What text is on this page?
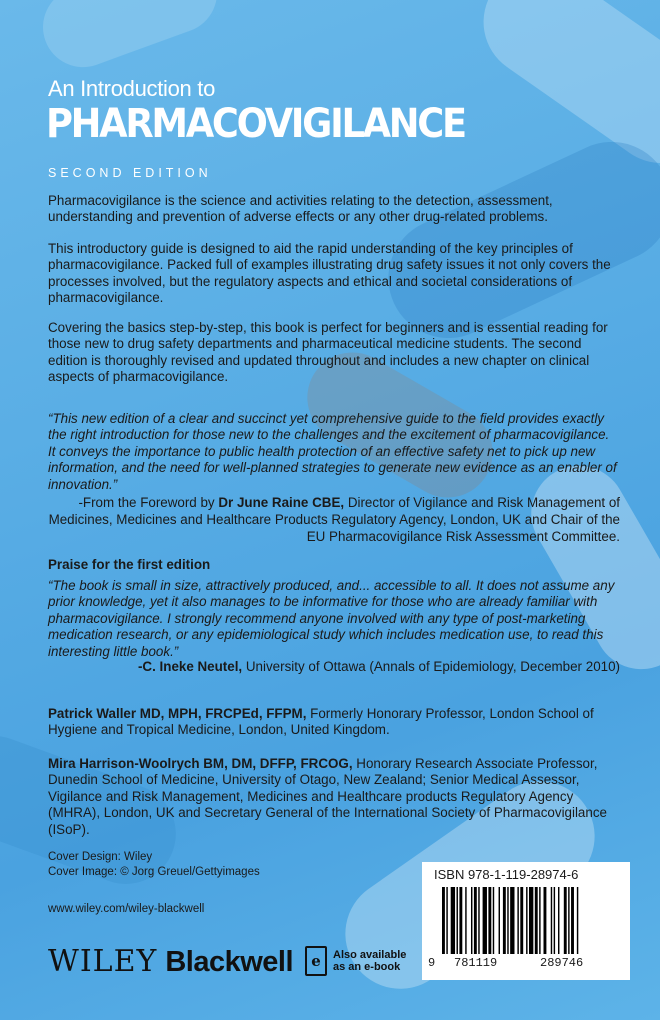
An Introduction to
PHARMACOVIGILANCE
SECOND EDITION
Pharmacovigilance is the science and activities relating to the detection, assessment, understanding and prevention of adverse effects or any other drug-related problems.
This introductory guide is designed to aid the rapid understanding of the key principles of pharmacovigilance. Packed full of examples illustrating drug safety issues it not only covers the processes involved, but the regulatory aspects and ethical and societal considerations of pharmacovigilance.
Covering the basics step-by-step, this book is perfect for beginners and is essential reading for those new to drug safety departments and pharmaceutical medicine students. The second edition is thoroughly revised and updated throughout and includes a new chapter on clinical aspects of pharmacovigilance.
“This new edition of a clear and succinct yet comprehensive guide to the field provides exactly the right introduction for those new to the challenges and the excitement of pharmacovigilance. It conveys the importance to public health protection of an effective safety net to pick up new information, and the need for well-planned strategies to generate new evidence as an enabler of innovation.”
-From the Foreword by Dr June Raine CBE, Director of Vigilance and Risk Management of Medicines, Medicines and Healthcare Products Regulatory Agency, London, UK and Chair of the EU Pharmacovigilance Risk Assessment Committee.
Praise for the first edition
“The book is small in size, attractively produced, and... accessible to all. It does not assume any prior knowledge, yet it also manages to be informative for those who are already familiar with pharmacovigilance. I strongly recommend anyone involved with any type of post-marketing medication research, or any epidemiological study which includes medication use, to read this interesting little book.”
-C. Ineke Neutel, University of Ottawa (Annals of Epidemiology, December 2010)
Patrick Waller MD, MPH, FRCPEd, FFPM, Formerly Honorary Professor, London School of Hygiene and Tropical Medicine, London, United Kingdom.
Mira Harrison-Woolrych BM, DM, DFFP, FRCOG, Honorary Research Associate Professor, Dunedin School of Medicine, University of Otago, New Zealand; Senior Medical Assessor, Vigilance and Risk Management, Medicines and Healthcare products Regulatory Agency (MHRA), London, UK and Secretary General of the International Society of Pharmacovigilance (ISoP).
Cover Design: Wiley
Cover Image: © Jorg Greuel/Gettyimages
www.wiley.com/wiley-blackwell
WILEY Blackwell e Also available
as an e-book
ISBN 978-1-119-28974-6
9 781119	289746
